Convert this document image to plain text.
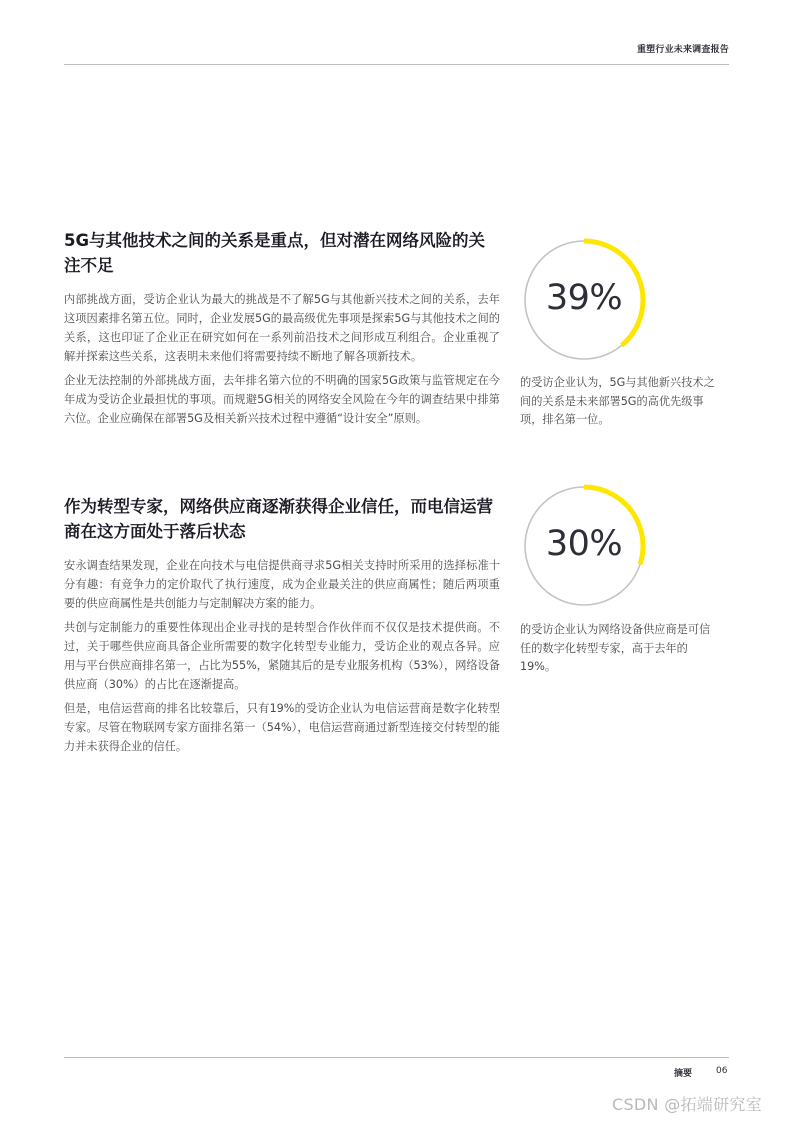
重塑行业未来调查报告
5G与其他技术之间的关系是重点，但对潜在网络风险的关注不足

内部挑战方面，受访企业认为最大的挑战是不了解5G与其他新兴技术之间的关系，去年这项因素排名第五位。同时，企业发展5G的最高级优先事项是探索5G与其他技术之间的关系，这也印证了企业正在研究如何在一系列前沿技术之间形成互利组合。企业重视了解并探索这些关系，这表明未来他们将需要持续不断地了解各项新技术。

企业无法控制的外部挑战方面，去年排名第六位的不明确的国家5G政策与监管规定在今年成为受访企业最担忧的事项。而规避5G相关的网络安全风险在今年的调查结果中排第六位。企业应确保在部署5G及相关新兴技术过程中遵循“设计安全”原则。

39%
的受访企业认为，5G与其他新兴技术之间的关系是未来部署5G的高优先级事项，排名第一位。
作为转型专家，网络供应商逐渐获得企业信任，而电信运营商在这方面处于落后状态

安永调查结果发现，企业在向技术与电信提供商寻求5G相关支持时所采用的选择标准十分有趣：有竞争力的定价取代了执行速度，成为企业最关注的供应商属性；随后两项重要的供应商属性是共创能力与定制解决方案的能力。

共创与定制能力的重要性体现出企业寻找的是转型合作伙伴而不仅仅是技术提供商。不过，关于哪些供应商具备企业所需要的数字化转型专业能力，受访企业的观点各异。应用与平台供应商排名第一，占比为55%，紧随其后的是专业服务机构（53%），网络设备供应商（30%）的占比在逐渐提高。

但是，电信运营商的排名比较靠后，只有19%的受访企业认为电信运营商是数字化转型专家。尽管在物联网专家方面排名第一（54%），电信运营商通过新型连接交付转型的能力并未获得企业的信任。

30%
的受访企业认为网络设备供应商是可信任的数字化转型专家，高于去年的19%。
摘要	06
CSDN @拓端研究室
